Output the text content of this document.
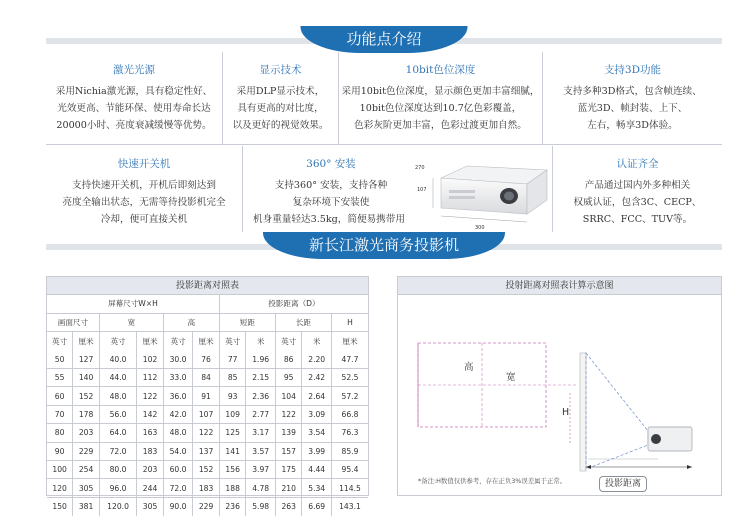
功能点介绍
激光光源
采用Nichia激光源，具有稳定性好、
光效更高、节能环保、使用寿命长达
20000小时、亮度衰减缓慢等优势。
显示技术
采用DLP显示技术，
具有更高的对比度，
以及更好的视觉效果。
10bit色位深度
采用10bit色位深度，显示颜色更加丰富细腻，
10bit色位深度达到10.7亿色彩覆盖，
色彩灰阶更加丰富，色彩过渡更加自然。
支持3D功能
支持多种3D格式，包含帧连续、
蓝光3D、帧封装、上下、
左右，畅享3D体验。
快速开关机
支持快速开关机，开机后即刻达到
亮度全输出状态，无需等待投影机完全
冷却，便可直接关机
360° 安装
支持360° 安装，支持各种
复杂环境下安装使
机身重量轻达3.5kg，简便易携带用
270
107
300
认证齐全
产品通过国内外多种相关
权威认证，包含3C、CECP、
SRRC、FCC、TUV等。
新长江激光商务投影机
投影距离对照表
屏幕尺寸W×H						投影距离（D）				
画面尺寸		宽		高		短距		长距		H
英寸	厘米	英寸	厘米	英寸	厘米	英寸	米	英寸	米	厘米
50	127	40.0	102	30.0	76	77	1.96	86	2.20	47.7
55	140	44.0	112	33.0	84	85	2.15	95	2.42	52.5
60	152	48.0	122	36.0	91	93	2.36	104	2.64	57.2
70	178	56.0	142	42.0	107	109	2.77	122	3.09	66.8
80	203	64.0	163	48.0	122	125	3.17	139	3.54	76.3
90	229	72.0	183	54.0	137	141	3.57	157	3.99	85.9
100	254	80.0	203	60.0	152	156	3.97	175	4.44	95.4
120	305	96.0	244	72.0	183	188	4.78	210	5.34	114.5
150	381	120.0	305	90.0	229	236	5.98	263	6.69	143.1
投射距离对照表计算示意图
高
宽
H
投影距离
*备注:H数值仅供参考，存在正负3%误差属于正常。
